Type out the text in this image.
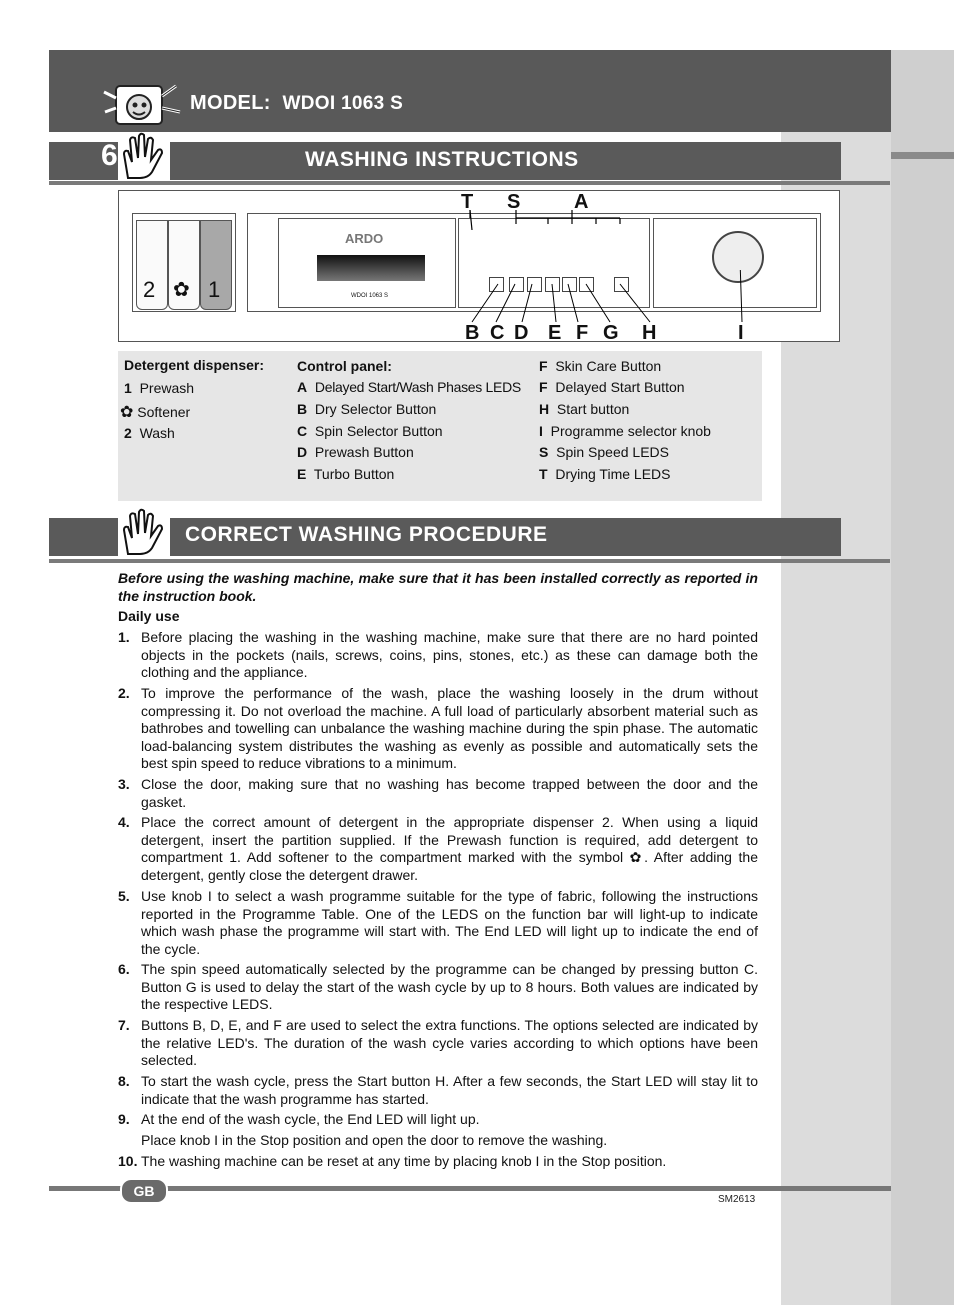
MODEL: WDOI 1063 S
6	WASHING INSTRUCTIONS
2 ✿ 1
ARDO
WDOI 1063 S
T S	A
B C D E F G H	I
Detergent dispenser:
1 Prewash
✿ Softener
2 Wash
Control panel:
A Delayed Start/Wash Phases LEDS
B Dry Selector Button
C Spin Selector Button
D Prewash Button
E Turbo Button
F Skin Care Button
F Delayed Start Button
H Start button
I Programme selector knob
S Spin Speed LEDS
T Drying Time LEDS
CORRECT WASHING PROCEDURE
Before using the washing machine, make sure that it has been installed correctly as reported in the instruction book.
Daily use
1. Before placing the washing in the washing machine, make sure that there are no hard pointed objects in the pockets (nails, screws, coins, pins, stones, etc.) as these can damage both the clothing and the appliance.
2. To improve the performance of the wash, place the washing loosely in the drum without compressing it. Do not overload the machine. A full load of particularly absorbent material such as bathrobes and towelling can unbalance the washing machine during the spin phase. The automatic load-balancing system distributes the washing as evenly as possible and automatically sets the best spin speed to reduce vibrations to a minimum.
3. Close the door, making sure that no washing has become trapped between the door and the gasket.
4. Place the correct amount of detergent in the appropriate dispenser 2. When using a liquid detergent, insert the partition supplied. If the Prewash function is required, add detergent to compartment 1. Add softener to the compartment marked with the symbol ✿. After adding the detergent, gently close the detergent drawer.
5. Use knob I to select a wash programme suitable for the type of fabric, following the instructions reported in the Programme Table. One of the LEDS on the function bar will light-up to indicate which wash phase the programme will start with. The End LED will light up to indicate the end of the cycle.
6. The spin speed automatically selected by the programme can be changed by pressing button C. Button G is used to delay the start of the wash cycle by up to 8 hours. Both values are indicated by the respective LEDS.
7. Buttons B, D, E, and F are used to select the extra functions. The options selected are indicated by the relative LED's. The duration of the wash cycle varies according to which options have been selected.
8. To start the wash cycle, press the Start button H. After a few seconds, the Start LED will stay lit to indicate that the wash programme has started.
9. At the end of the wash cycle, the End LED will light up.
Place knob I in the Stop position and open the door to remove the washing.
10. The washing machine can be reset at any time by placing knob I in the Stop position.
GB
SM2613
